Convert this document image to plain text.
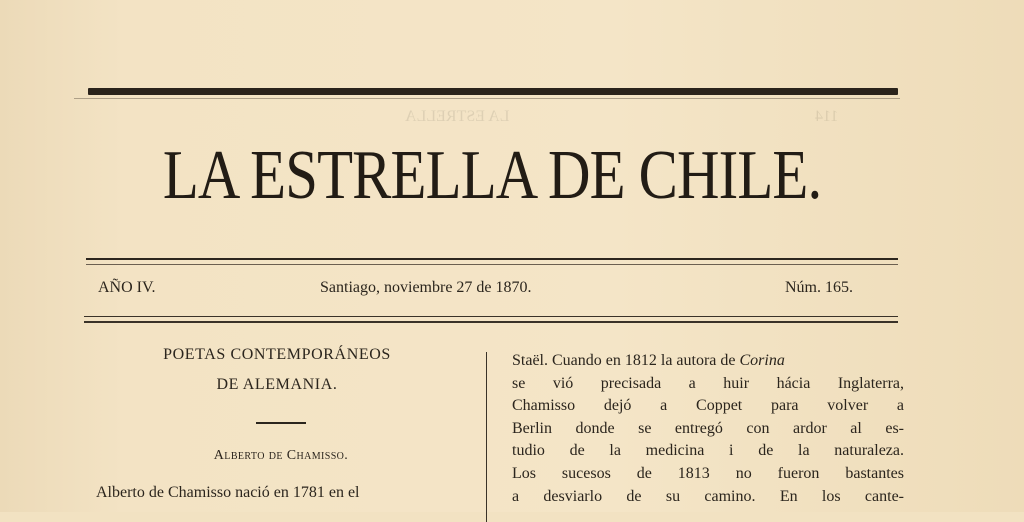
LA ESTRELLA	114
LA ESTRELLA DE CHILE.
AÑO IV.	Santiago, noviembre 27 de 1870.	Núm. 165.
POETAS CONTEMPORÁNEOS
DE ALEMANIA.
Alberto de Chamisso.
Alberto de Chamisso nació en 1781 en el
Staël. Cuando en 1812 la autora de Corina
se vió precisada a huir hácia Inglaterra,
Chamisso dejó a Coppet para volver a
Berlin donde se entregó con ardor al es-
tudio de la medicina i de la naturaleza.
Los sucesos de 1813 no fueron bastantes
a desviarlo de su camino. En los cante-
